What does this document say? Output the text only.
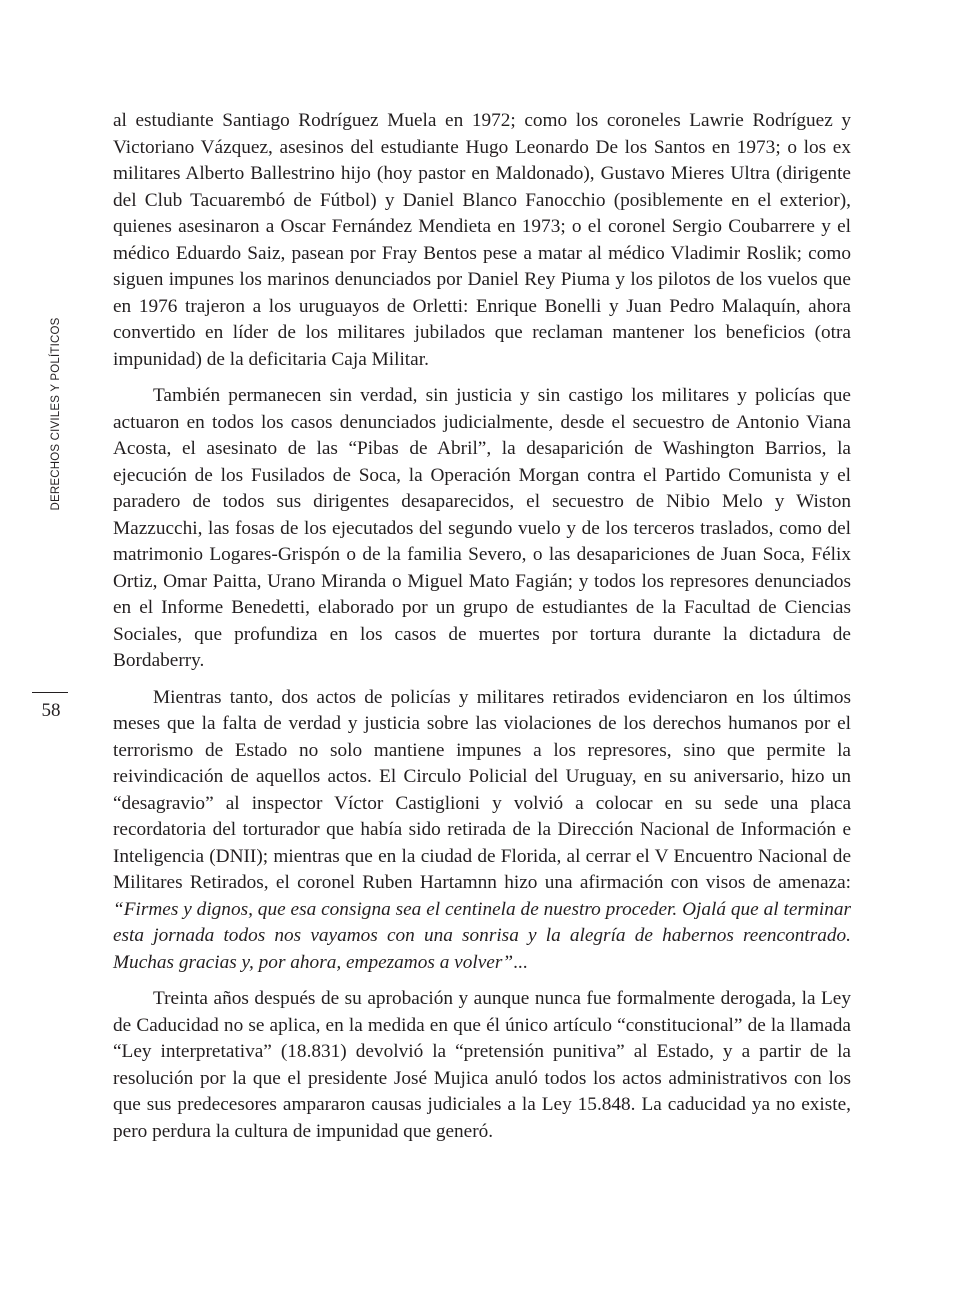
DERECHOS CIVILES Y POLÍTICOS
58

al estudiante Santiago Rodríguez Muela en 1972; como los coroneles Lawrie Rodríguez y Victoriano Vázquez, asesinos del estudiante Hugo Leonardo De los Santos en 1973; o los ex militares Alberto Ballestrino hijo (hoy pastor en Maldonado), Gustavo Mieres Ultra (dirigente del Club Tacuarembó de Fútbol) y Daniel Blanco Fanocchio (posiblemente en el exterior), quienes asesinaron a Oscar Fernández Mendieta en 1973; o el coronel Sergio Coubarrere y el médico Eduardo Saiz, pasean por Fray Bentos pese a matar al médico Vladimir Roslik; como siguen impunes los marinos denunciados por Daniel Rey Piuma y los pilotos de los vuelos que en 1976 trajeron a los uruguayos de Orletti: Enrique Bonelli y Juan Pedro Malaquín, ahora convertido en líder de los militares jubilados que reclaman mantener los beneficios (otra impunidad) de la deficitaria Caja Militar.

También permanecen sin verdad, sin justicia y sin castigo los militares y policías que actuaron en todos los casos denunciados judicialmente, desde el secuestro de Antonio Viana Acosta, el asesinato de las “Pibas de Abril”, la desaparición de Washington Barrios, la ejecución de los Fusilados de Soca, la Operación Morgan contra el Partido Comunista y el paradero de todos sus dirigentes desaparecidos, el secuestro de Nibio Melo y Wiston Mazzucchi, las fosas de los ejecutados del segundo vuelo y de los terceros traslados, como del matrimonio Logares-Grispón o de la familia Severo, o las desapariciones de Juan Soca, Félix Ortiz, Omar Paitta, Urano Miranda o Miguel Mato Fagián; y todos los represores denunciados en el Informe Benedetti, elaborado por un grupo de estudiantes de la Facultad de Ciencias Sociales, que profundiza en los casos de muertes por tortura durante la dictadura de Bordaberry.

Mientras tanto, dos actos de policías y militares retirados evidenciaron en los últimos meses que la falta de verdad y justicia sobre las violaciones de los derechos humanos por el terrorismo de Estado no solo mantiene impunes a los represores, sino que permite la reivindicación de aquellos actos. El Circulo Policial del Uruguay, en su aniversario, hizo un “desagravio” al inspector Víctor Castiglioni y volvió a colocar en su sede una placa recordatoria del torturador que había sido retirada de la Dirección Nacional de Información e Inteligencia (DNII); mientras que en la ciudad de Florida, al cerrar el V Encuentro Nacional de Militares Retirados, el coronel Ruben Hartamnn hizo una afirmación con visos de amenaza: “Firmes y dignos, que esa consigna sea el centinela de nuestro proceder. Ojalá que al terminar esta jornada todos nos vayamos con una sonrisa y la alegría de habernos reencontrado. Muchas gracias y, por ahora, empezamos a volver”...

Treinta años después de su aprobación y aunque nunca fue formalmente derogada, la Ley de Caducidad no se aplica, en la medida en que él único artículo “constitucional” de la llamada “Ley interpretativa” (18.831) devolvió la “pretensión punitiva” al Estado, y a partir de la resolución por la que el presidente José Mujica anuló todos los actos administrativos con los que sus predecesores ampararon causas judiciales a la Ley 15.848. La caducidad ya no existe, pero perdura la cultura de impunidad que generó.
